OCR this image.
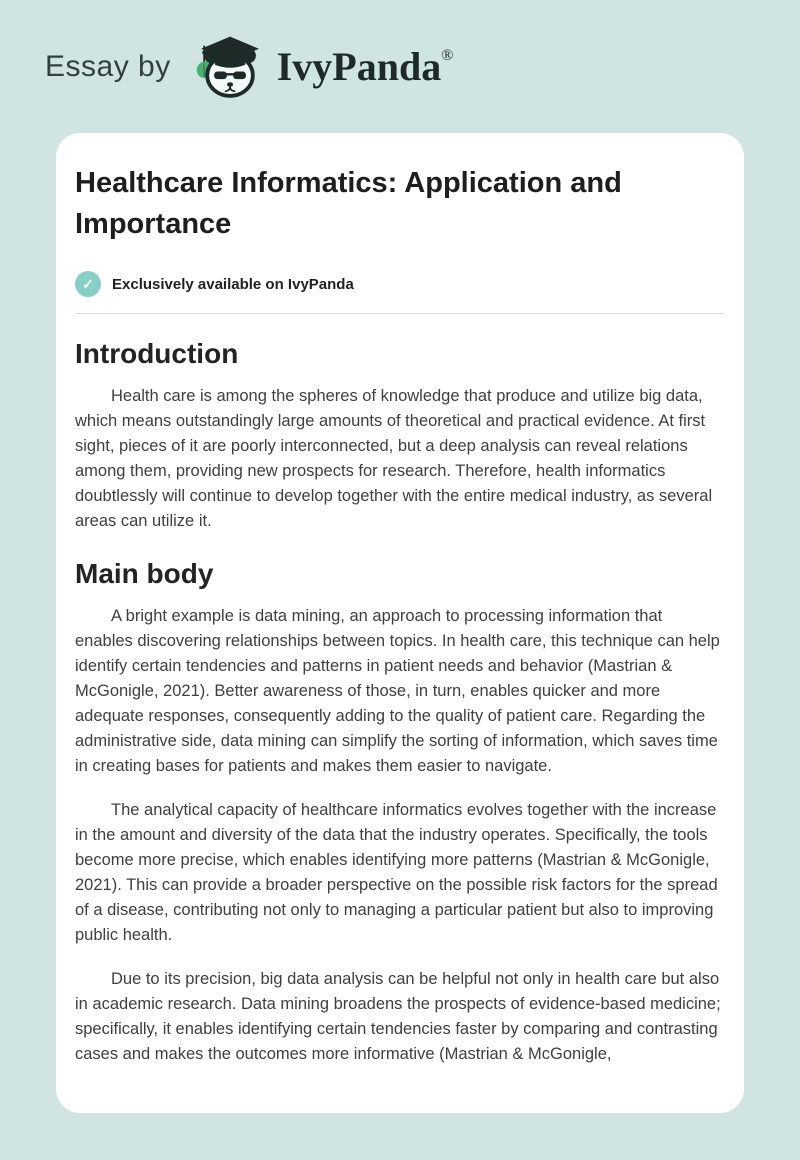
Essay by	IvyPanda®
Healthcare Informatics: Application and Importance
✓	Exclusively available on IvyPanda
Introduction

Health care is among the spheres of knowledge that produce and utilize big data, which means outstandingly large amounts of theoretical and practical evidence. At first sight, pieces of it are poorly interconnected, but a deep analysis can reveal relations among them, providing new prospects for research. Therefore, health informatics doubtlessly will continue to develop together with the entire medical industry, as several areas can utilize it.

Main body

A bright example is data mining, an approach to processing information that enables discovering relationships between topics. In health care, this technique can help identify certain tendencies and patterns in patient needs and behavior (Mastrian & McGonigle, 2021). Better awareness of those, in turn, enables quicker and more adequate responses, consequently adding to the quality of patient care. Regarding the administrative side, data mining can simplify the sorting of information, which saves time in creating bases for patients and makes them easier to navigate.

The analytical capacity of healthcare informatics evolves together with the increase in the amount and diversity of the data that the industry operates. Specifically, the tools become more precise, which enables identifying more patterns (Mastrian & McGonigle, 2021). This can provide a broader perspective on the possible risk factors for the spread of a disease, contributing not only to managing a particular patient but also to improving public health.

Due to its precision, big data analysis can be helpful not only in health care but also in academic research. Data mining broadens the prospects of evidence-based medicine; specifically, it enables identifying certain tendencies faster by comparing and contrasting cases and makes the outcomes more informative (Mastrian & McGonigle,
